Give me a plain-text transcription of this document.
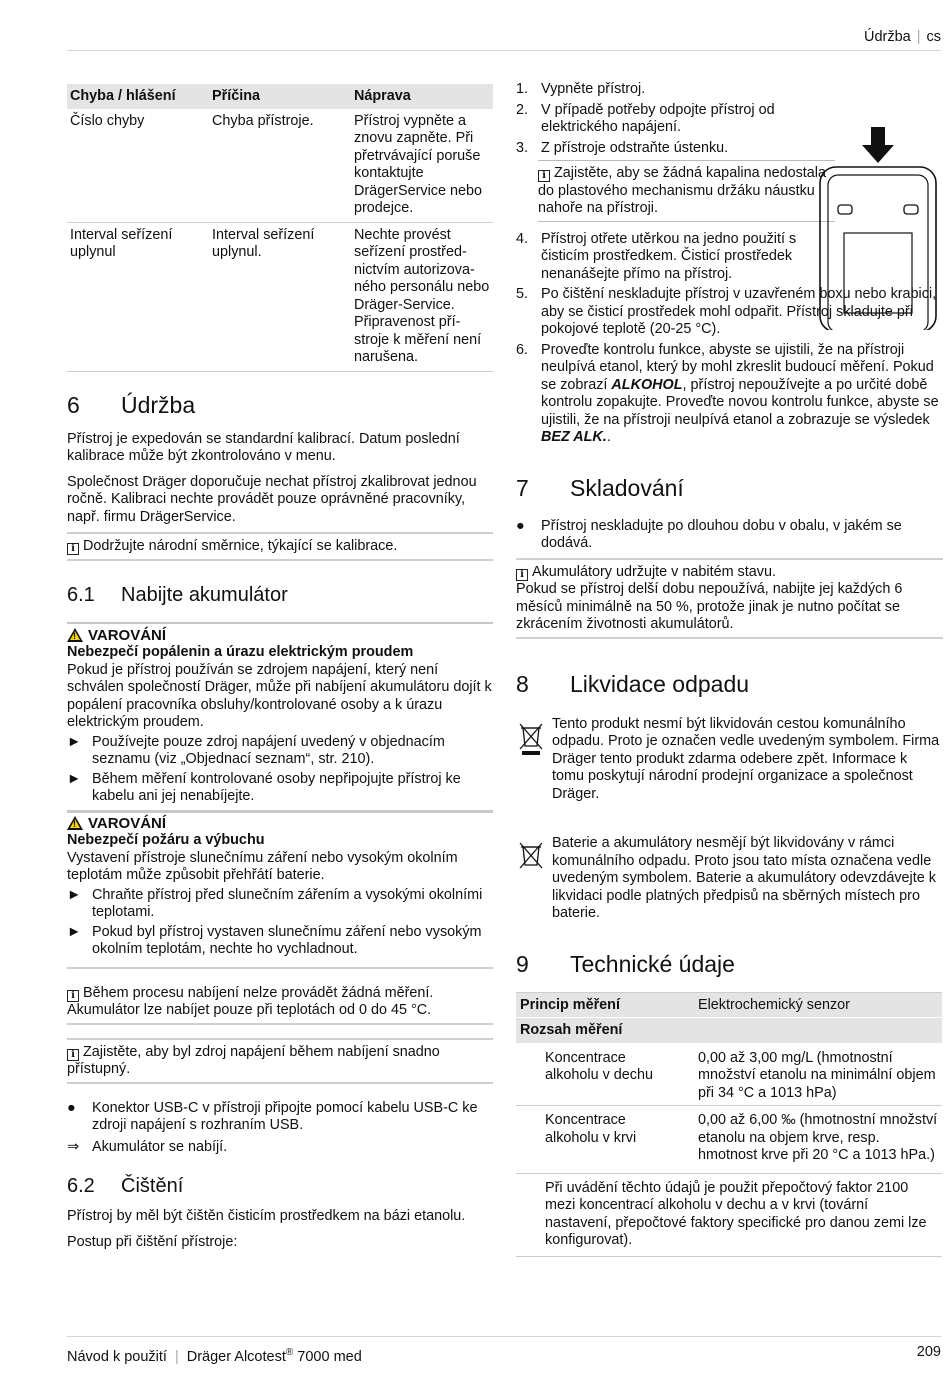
Údržba | cs
Chyba / hlášení	Příčina	Náprava
Číslo chyby	Chyba přístroje.	Přístroj vypněte a znovu zapněte. Při přetrvávající poruše kontaktujte DrägerService nebo prodejce.
Interval seřízení uplynul	Interval seřízení uplynul.	Nechte provést seřízení prostřed-nictvím autorizova-ného personálu nebo Dräger-Service. Připravenost pří-stroje k měření není narušena.
6 Údržba

Přístroj je expedován se standardní kalibrací. Datum poslední kalibrace může být zkontrolováno v menu.

Společnost Dräger doporučuje nechat přístroj zkalibrovat jednou ročně. Kalibraci nechte provádět pouze oprávněné pracovníky, např. firmu DrägerService.

i Dodržujte národní směrnice, týkající se kalibrace.
6.1 Nabijte akumulátor
!VAROVÁNÍ
Nebezpečí popálenin a úrazu elektrickým proudem

Pokud je přístroj používán se zdrojem napájení, který není schválen společností Dräger, může při nabíjení akumulátoru dojít k popálení pracovníka obsluhy/kontrolované osoby a k úrazu elektrickým proudem.

► Používejte pouze zdroj napájení uvedený v objednacím seznamu (viz „Objednací seznam“, str. 210).
► Během měření kontrolované osoby nepřipojujte přístroj ke kabelu ani jej nenabíjejte.
!VAROVÁNÍ
Nebezpečí požáru a výbuchu

Vystavení přístroje slunečnímu záření nebo vysokým okolním teplotám může způsobit přehřátí baterie.

► Chraňte přístroj před slunečním zářením a vysokými okolními teplotami.
► Pokud byl přístroj vystaven slunečnímu záření nebo vysokým okolním teplotám, nechte ho vychladnout.
i Během procesu nabíjení nelze provádět žádná měření. Akumulátor lze nabíjet pouze při teplotách od 0 do 45 °C.
i Zajistěte, aby byl zdroj napájení během nabíjení snadno přístupný.
● Konektor USB-C v přístroji připojte pomocí kabelu USB-C ke zdroji napájení s rozhraním USB.
⇒ Akumulátor se nabíjí.
6.2 Čištění

Přístroj by měl být čištěn čisticím prostředkem na bázi etanolu.

Postup při čištění přístroje:

1. Vypněte přístroj.
2. V případě potřeby odpojte přístroj od elektrického napájení.
3. Z přístroje odstraňte ústenku.
i Zajistěte, aby se žádná kapalina nedostala do plastového mechanismu držáku náustku nahoře na přístroji.
4. Přístroj otřete utěrkou na jedno použití s čisticím prostředkem. Čisticí prostředek nenanášejte přímo na přístroj.
5. Po čištění neskladujte přístroj v uzavřeném boxu nebo krabici, aby se čisticí prostředek mohl odpařit. Přístroj skladujte při pokojové teplotě (20-25 °C).
6. Proveďte kontrolu funkce, abyste se ujistili, že na přístroji neulpívá etanol, který by mohl zkreslit budoucí měření. Pokud se zobrazí ALKOHOL, přístroj nepoužívejte a po určité době kontrolu zopakujte. Proveďte novou kontrolu funkce, abyste se ujistili, že na přístroji neulpívá etanol a zobrazuje se výsledek BEZ ALK..
7 Skladování
● Přístroj neskladujte po dlouhou dobu v obalu, v jakém se dodává.
i Akumulátory udržujte v nabitém stavu.
Pokud se přístroj delší dobu nepoužívá, nabijte jej každých 6 měsíců minimálně na 50 %, protože jinak je nutno počítat se zkrácením životnosti akumulátorů.
8 Likvidace odpadu

Tento produkt nesmí být likvidován cestou komunálního odpadu. Proto je označen vedle uvedeným symbolem. Firma Dräger tento produkt zdarma odebere zpět. Informace k tomu poskytují národní prodejní organizace a společnost Dräger.

Baterie a akumulátory nesmějí být likvidovány v rámci komunálního odpadu. Proto jsou tato místa označena vedle uvedeným symbolem. Baterie a akumulátory odevzdávejte k likvidaci podle platných předpisů na sběrných místech pro baterie.

9 Technické údaje
Princip měření		Elektrochemický senzor
Rozsah měření		
	Koncentrace alkoholu v dechu	0,00 až 3,00 mg/L (hmotnostní množství etanolu na minimální objem při 34 °C a 1013 hPa)
	Koncentrace alkoholu v krvi	0,00 až 6,00 ‰ (hmotnostní množství etanolu na objem krve, resp. hmotnost krve při 20 °C a 1013 hPa.)
	Při uvádění těchto údajů je použit přepočtový faktor 2100 mezi koncentrací alkoholu v dechu a v krvi (tovární nastavení, přepočtové faktory specifické pro danou zemi lze konfigurovat).	
Návod k použití | Dräger Alcotest® 7000 med	209
